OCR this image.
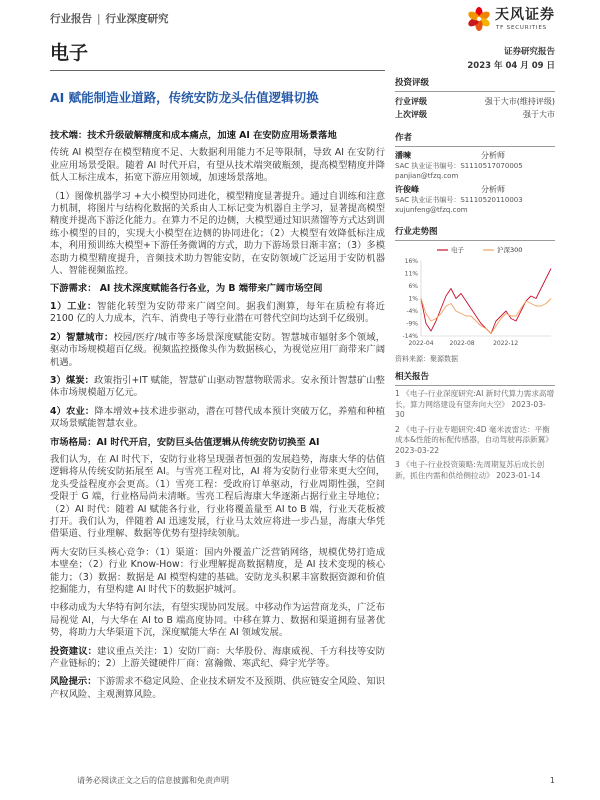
行业报告 | 行业深度研究	天风证券
TF SECURITIES
电子	证券研究报告
2023 年 04 月 09 日
AI 赋能制造业道路，传统安防龙头估值逻辑切换

技术端：技术升级破解精度和成本痛点，加速 AI 在安防应用场景落地

传统 AI 模型存在模型精度不足、大数据利用能力不足等限制，导致 AI 在安防行业应用场景受限。随着 AI 时代开启，有望从技术端突破瓶颈，提高模型精度并降低人工标注成本，拓宽下游应用领域，加速场景落地。

（1）图像机器学习 +大小模型协同进化，模型精度显著提升。通过自训练和注意力机制，将图片与结构化数据的关系由人工标记变为机器自主学习，显著提高模型精度并提高下游泛化能力。在算力不足的边侧，大模型通过知识蒸馏等方式达到训练小模型的目的，实现大小模型在边侧的协同进化；（2）大模型有效降低标注成本，利用预训练大模型+下游任务微调的方式，助力下游场景日渐丰富；（3）多模态助力模型精度提升，音频技术助力智能安防，在安防领域广泛运用于安防机器人、智能视频监控。

下游需求： AI 技术深度赋能各行各业，为 B 端带来广阔市场空间

1）工业：智能化转型为安防带来广阔空间。据我们测算，每年在质检有将近 2100 亿的人力成本，汽车、消费电子等行业潜在可替代空间均达到千亿级别。

2）智慧城市：校园/医疗/城市等多场景深度赋能安防。智慧城市辐射多个领域，驱动市场规模超百亿级。视频监控摄像头作为数据核心，为视觉应用厂商带来广阔机遇。

3）煤炭：政策指引+IT 赋能，智慧矿山驱动智慧物联需求。安永预计智慧矿山整体市场规模超万亿元。

4）农业：降本增效+技术进步驱动，潜在可替代成本预计突破万亿，养殖和种植双场景赋能智慧农业。

市场格局：AI 时代开启，安防巨头估值逻辑从传统安防切换至 AI

我们认为，在 AI 时代下，安防行业将呈现强者恒强的发展趋势，海康大华的估值逻辑将从传统安防拓展至 AI。与雪亮工程对比，AI 将为安防行业带来更大空间，龙头受益程度亦会更高。（1）雪亮工程：受政府订单驱动，行业周期性强，空间受限于 G 端，行业格局尚未清晰。雪亮工程后海康大华逐渐占据行业主导地位；（2）AI 时代：随着 AI 赋能各行业，行业将覆盖量至 AI to B 端，行业天花板被打开。我们认为，伴随着 AI 迅速发展，行业马太效应将进一步凸显，海康大华凭借渠道、行业理解、数据等优势有望持续领航。

两大安防巨头核心竞争：（1）渠道：国内外覆盖广泛营销网络，规模优势打造成本壁垒；（2）行业 Know-How：行业理解提高数据精度，是 AI 技术变现的核心能力；（3）数据：数据是 AI 模型构建的基础。安防龙头积累丰富数据资源和价值挖掘能力，有望构建 AI 时代下的数据护城河。

中移动成为大华特有阿尔法，有望实现协同发展。中移动作为运营商龙头，广泛布局视觉 AI，与大华在 AI to B 端高度协同。中移在算力、数据和渠道拥有显著优势，将助力大华渠道下沉，深度赋能大华在 AI 领域发展。

投资建议：建议重点关注：1）安防厂商：大华股份、海康威视、千方科技等安防产业链标的；2）上游关键硬件厂商：富瀚微、寒武纪、舜宇光学等。

风险提示：下游需求不稳定风险、企业技术研发不及预期、供应链安全风险、知识产权风险、主观测算风险。

投资评级
行业评级	强于大市(维持评级)
上次评级	强于大市
作者
潘暕	分析师
SAC 执业证书编号：S1110517070005
panjian@tfzq.com
许俊峰	分析师
SAC 执业证书编号：S1110520110003
xujunfeng@tfzq.com
行业走势图
16%
11%
6%
1%
-4%
-9%
-14%
2022-04	2022-08	2022-12
电子	沪深300
资料来源：聚源数据
相关报告
1 《电子-行业深度研究:AI 新时代算力需求高增长，算力网络建设有望奔向大空》 2023-03-30
2 《电子-行业专题研究:4D 毫米波雷达：平衡成本&性能的标配传感器，自动驾驶再添新翼》 2023-03-22
3 《电子-行业投资策略:先周期复苏后成长创新，抓住内需和供给侧拉动》 2023-01-14
请务必阅读正文之后的信息披露和免责声明	1
